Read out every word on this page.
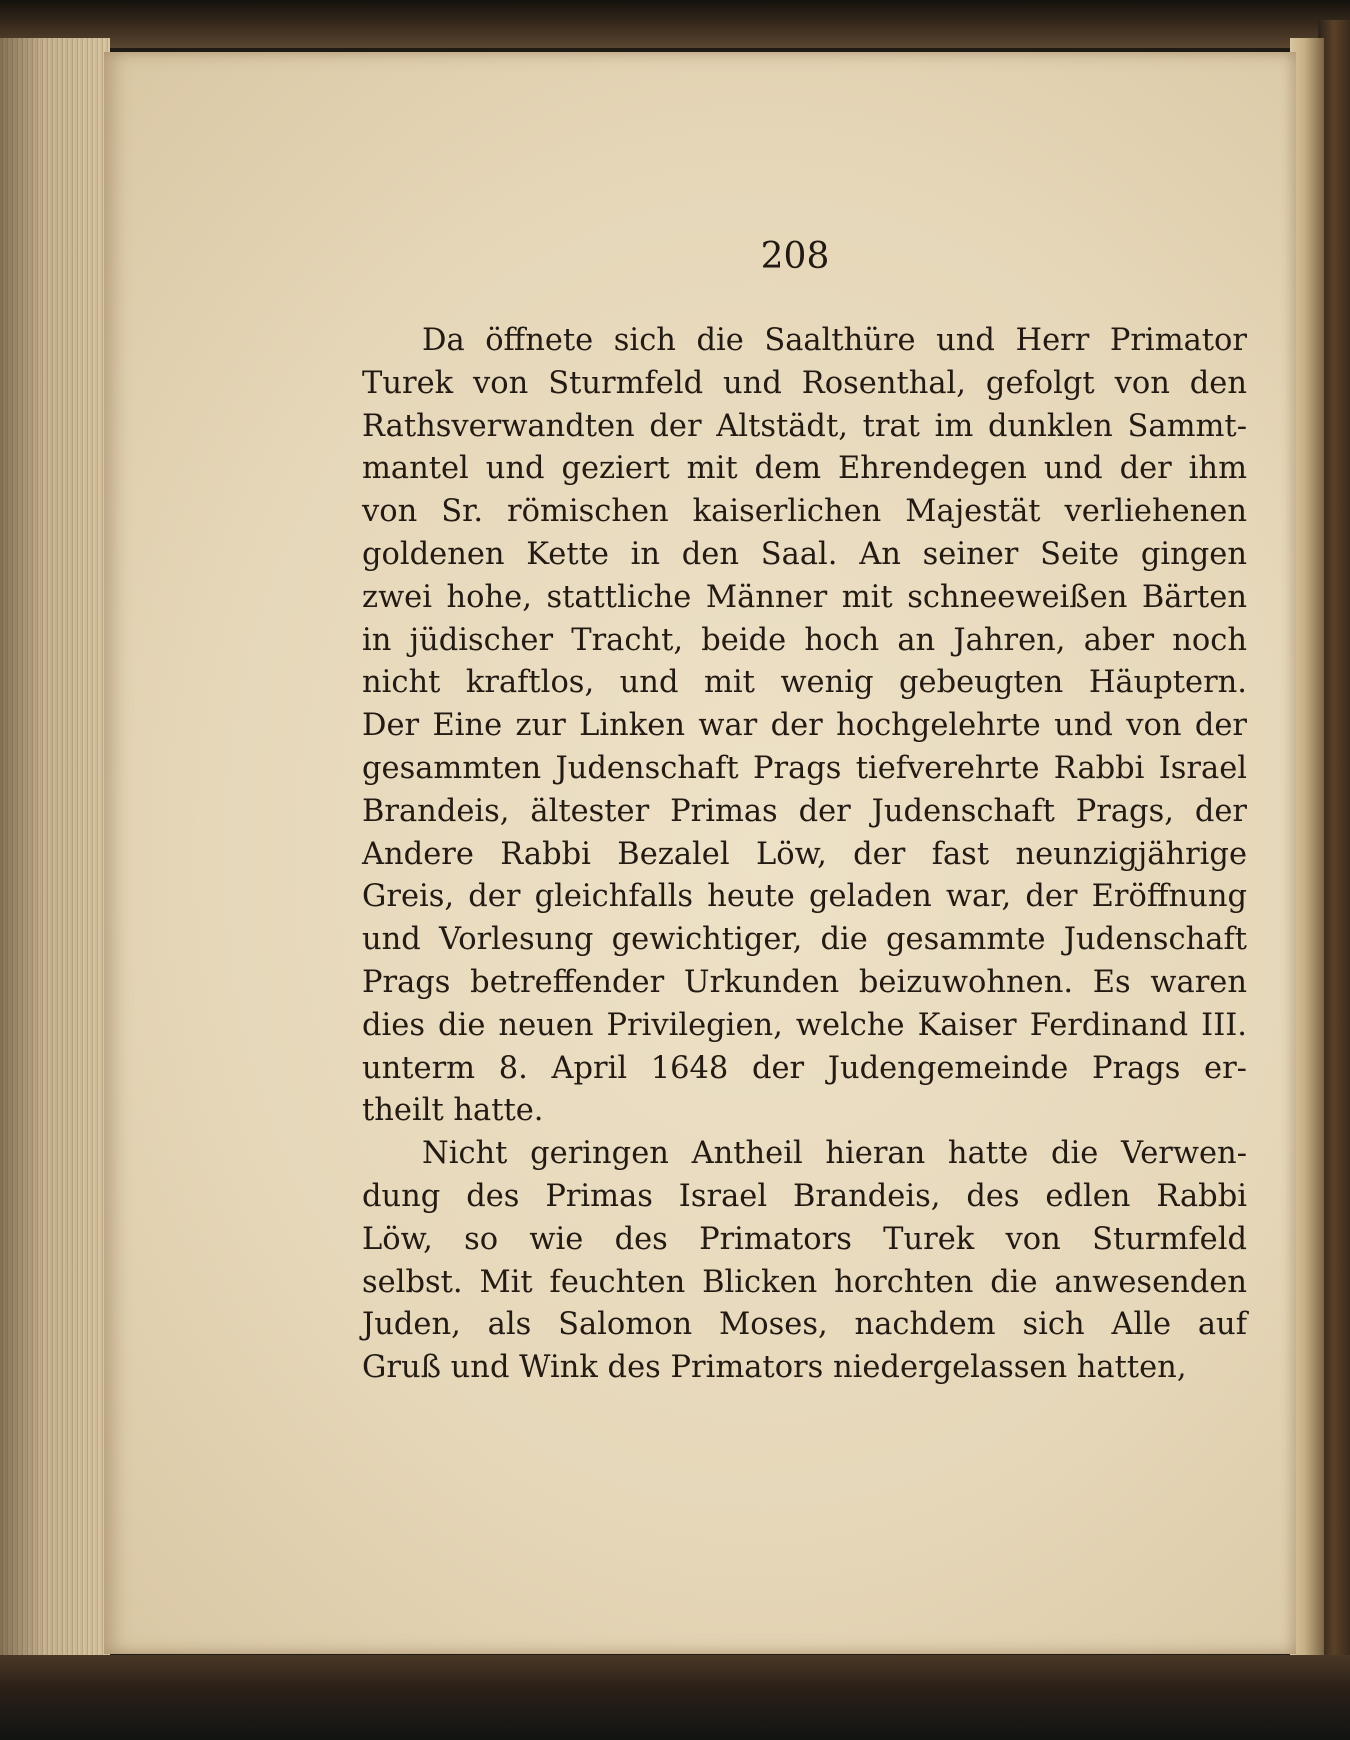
208
Da öffnete sich die Saalthüre und Herr Primator
Turek von Sturmfeld und Rosenthal, gefolgt von den
Rathsverwandten der Altstädt, trat im dunklen Sammt-
mantel und geziert mit dem Ehrendegen und der ihm
von Sr. römischen kaiserlichen Majestät verliehenen
goldenen Kette in den Saal. An seiner Seite gingen
zwei hohe, stattliche Männer mit schneeweißen Bärten
in jüdischer Tracht, beide hoch an Jahren, aber noch
nicht kraftlos, und mit wenig gebeugten Häuptern.
Der Eine zur Linken war der hochgelehrte und von der
gesammten Judenschaft Prags tiefverehrte Rabbi Israel
Brandeis, ältester Primas der Judenschaft Prags, der
Andere Rabbi Bezalel Löw, der fast neunzigjährige
Greis, der gleichfalls heute geladen war, der Eröffnung
und Vorlesung gewichtiger, die gesammte Judenschaft
Prags betreffender Urkunden beizuwohnen. Es waren
dies die neuen Privilegien, welche Kaiser Ferdinand III.
unterm 8. April 1648 der Judengemeinde Prags er-
theilt hatte.
Nicht geringen Antheil hieran hatte die Verwen-
dung des Primas Israel Brandeis, des edlen Rabbi
Löw, so wie des Primators Turek von Sturmfeld
selbst. Mit feuchten Blicken horchten die anwesenden
Juden, als Salomon Moses, nachdem sich Alle auf
Gruß und Wink des Primators niedergelassen hatten,
